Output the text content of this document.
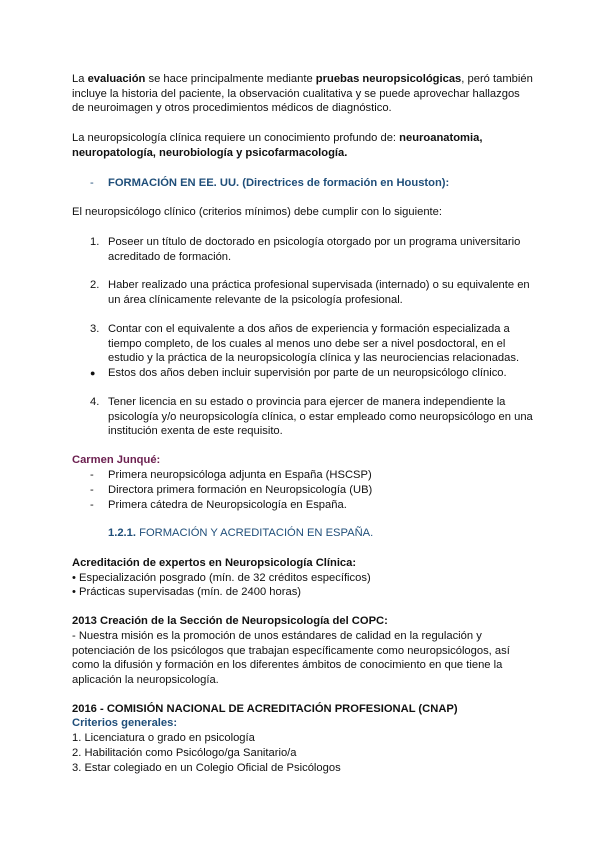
La evaluación se hace principalmente mediante pruebas neuropsicológicas, peró también incluye la historia del paciente, la observación cualitativa y se puede aprovechar hallazgos de neuroimagen y otros procedimientos médicos de diagnóstico.

La neuropsicología clínica requiere un conocimiento profundo de: neuroanatomia, neuropatología, neurobiología y psicofarmacología.

- FORMACIÓN EN EE. UU. (Directrices de formación en Houston):

El neuropsicólogo clínico (criterios mínimos) debe cumplir con lo siguiente:

1. Poseer un título de doctorado en psicología otorgado por un programa universitario acreditado de formación.

2. Haber realizado una práctica profesional supervisada (internado) o su equivalente en un área clínicamente relevante de la psicología profesional.

3. Contar con el equivalente a dos años de experiencia y formación especializada a tiempo completo, de los cuales al menos uno debe ser a nivel posdoctoral, en el estudio y la práctica de la neuropsicología clínica y las neurociencias relacionadas.

●	Estos dos años deben incluir supervisión por parte de un neuropsicólogo clínico.

4. Tener licencia en su estado o provincia para ejercer de manera independiente la psicología y/o neuropsicología clínica, o estar empleado como neuropsicólogo en una institución exenta de este requisito.

Carmen Junqué:

- Primera neuropsicóloga adjunta en España (HSCSP)

- Directora primera formación en Neuropsicología (UB)

- Primera cátedra de Neuropsicología en España.

1.2.1. FORMACIÓN Y ACREDITACIÓN EN ESPAÑA.

Acreditación de expertos en Neuropsicología Clínica:

• Especialización posgrado (mín. de 32 créditos específicos)

• Prácticas supervisadas (mín. de 2400 horas)

2013 Creación de la Sección de Neuropsicología del COPC:

- Nuestra misión es la promoción de unos estándares de calidad en la regulación y potenciación de los psicólogos que trabajan específicamente como neuropsicólogos, así como la difusión y formación en los diferentes ámbitos de conocimiento en que tiene la aplicación la neuropsicología.

2016 - COMISIÓN NACIONAL DE ACREDITACIÓN PROFESIONAL (CNAP)

Criterios generales:

1. Licenciatura o grado en psicología

2. Habilitación como Psicólogo/ga Sanitario/a

3. Estar colegiado en un Colegio Oficial de Psicólogos
